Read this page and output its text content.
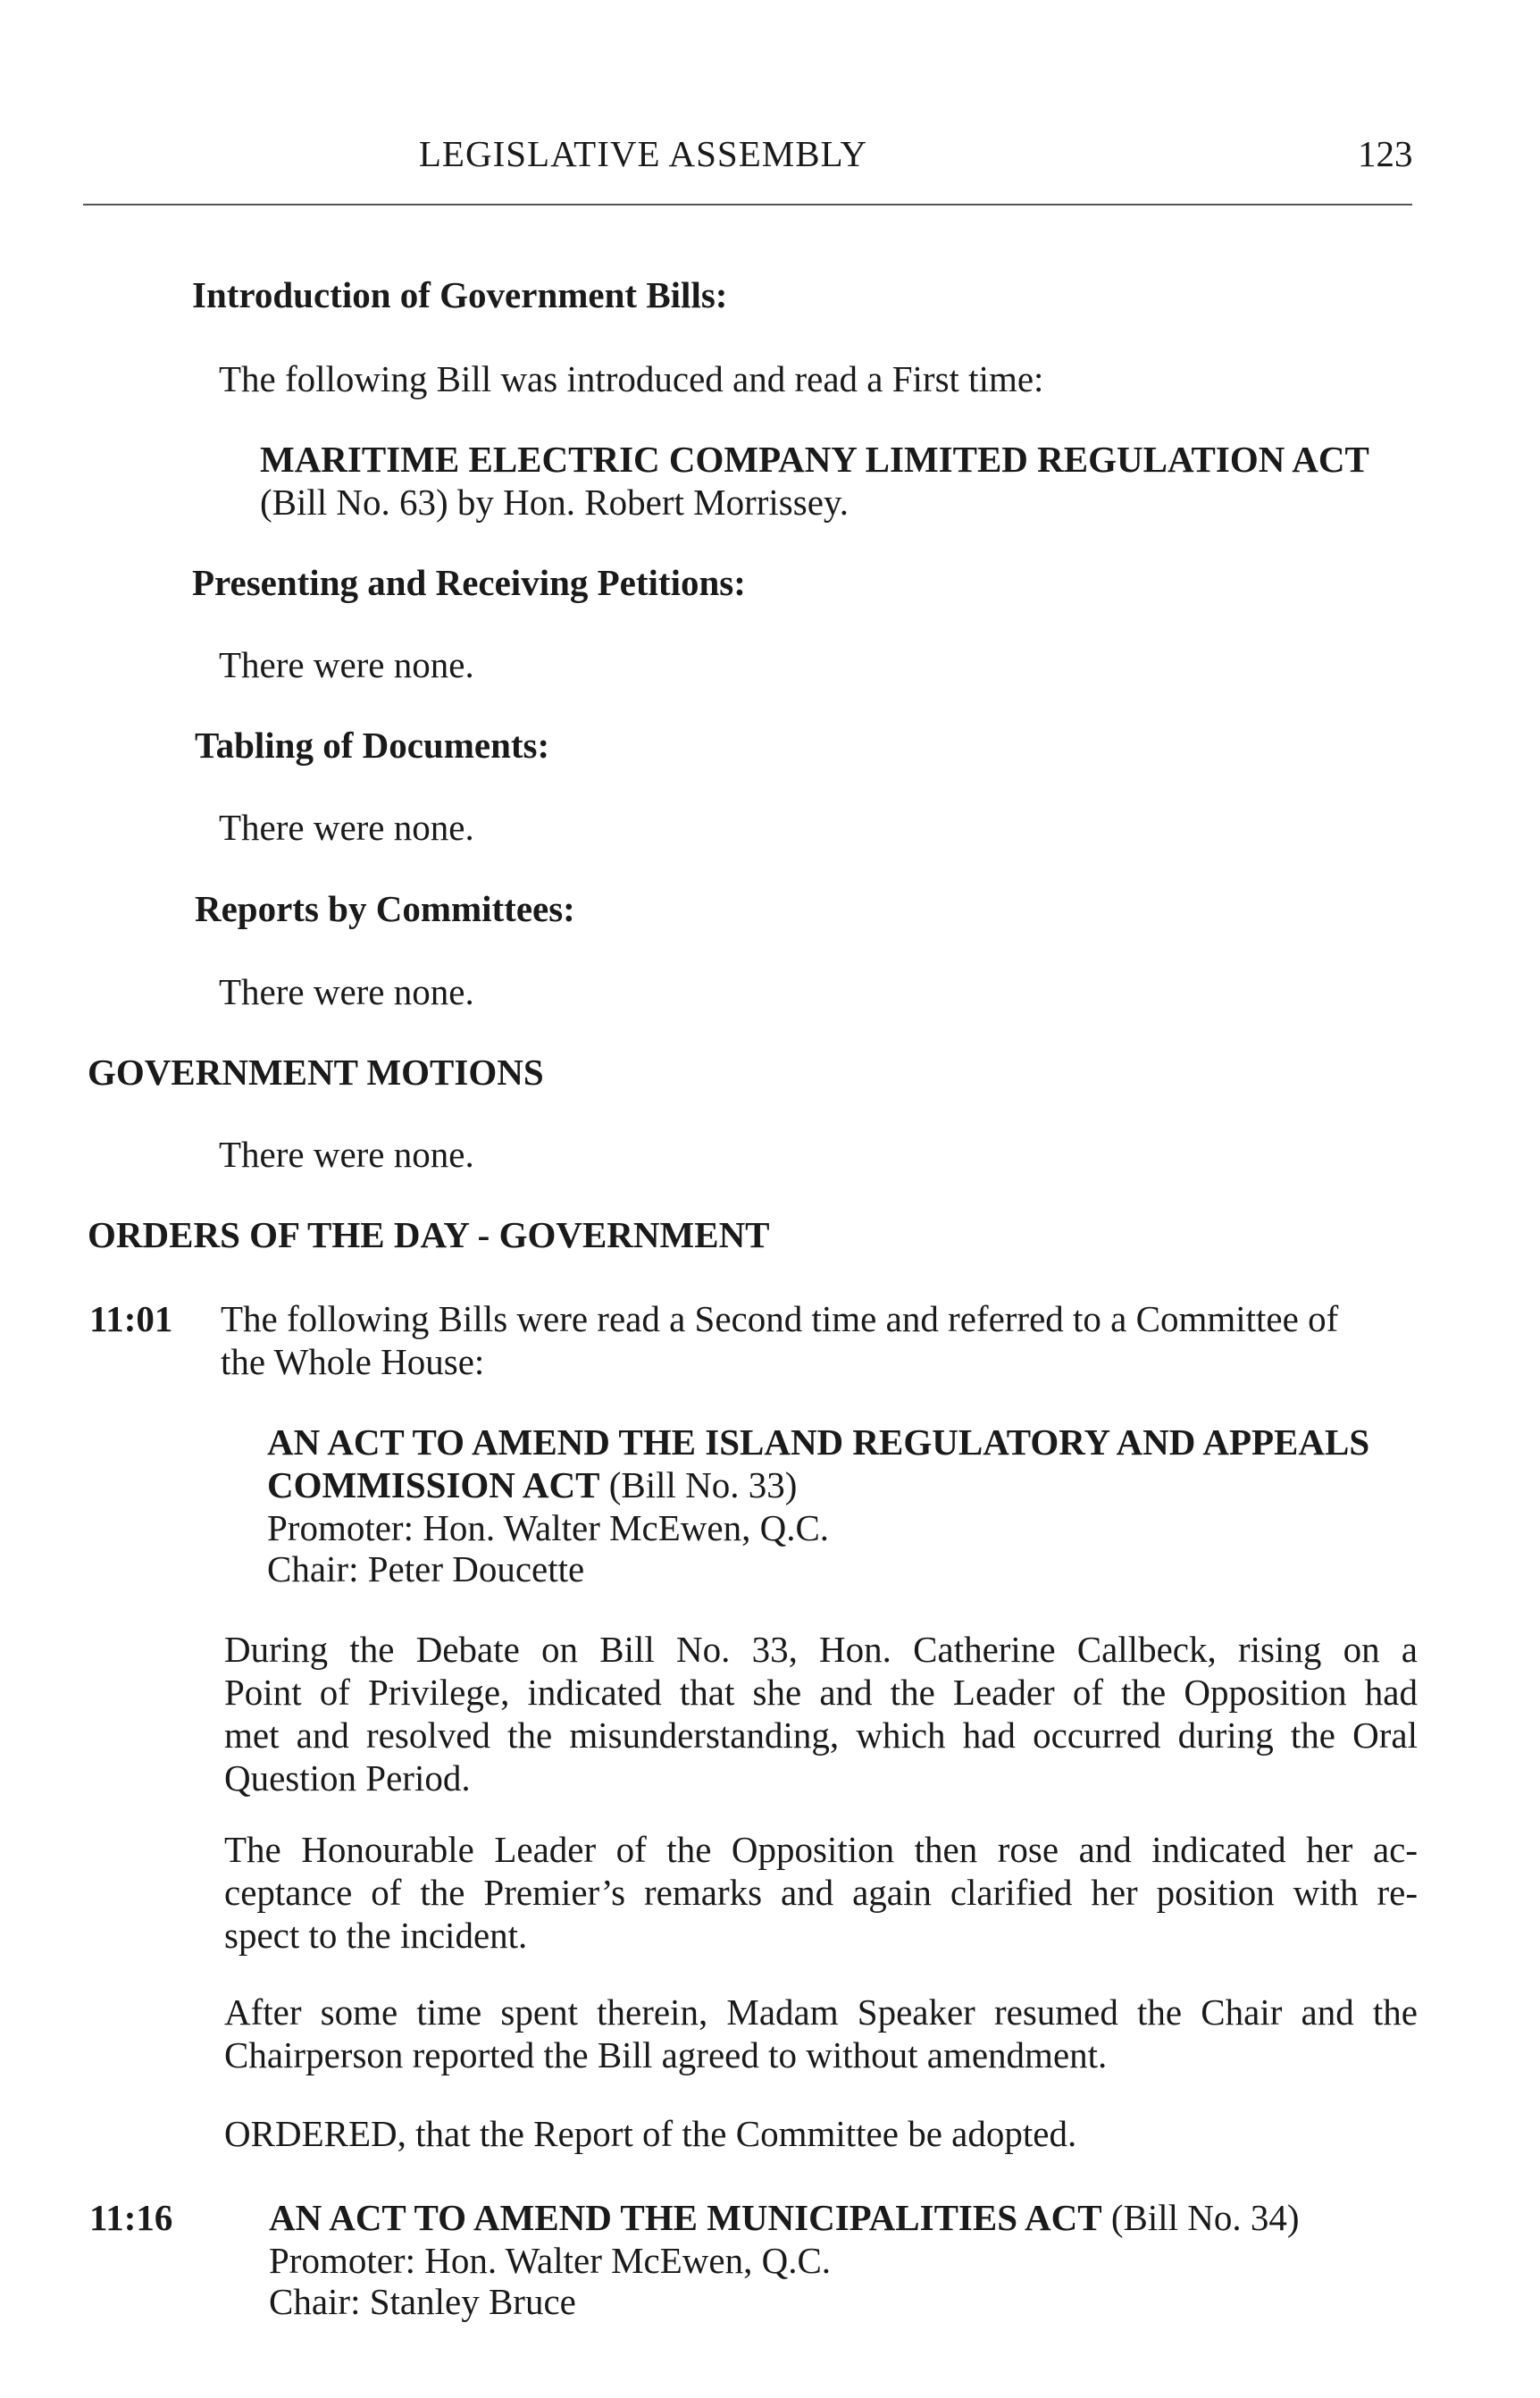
LEGISLATIVE ASSEMBLY	123
Introduction of Government Bills:
The following Bill was introduced and read a First time:
MARITIME ELECTRIC COMPANY LIMITED REGULATION ACT
(Bill No. 63) by Hon. Robert Morrissey.
Presenting and Receiving Petitions:
There were none.
Tabling of Documents:
There were none.
Reports by Committees:
There were none.
GOVERNMENT MOTIONS
There were none.
ORDERS OF THE DAY - GOVERNMENT
11:01 The following Bills were read a Second time and referred to a Committee of
the Whole House:
AN ACT TO AMEND THE ISLAND REGULATORY AND APPEALS
COMMISSION ACT (Bill No. 33)
Promoter: Hon. Walter McEwen, Q.C.
Chair: Peter Doucette
During the Debate on Bill No. 33, Hon. Catherine Callbeck, rising on a
Point of Privilege, indicated that she and the Leader of the Opposition had
met and resolved the misunderstanding, which had occurred during the Oral
Question Period.
The Honourable Leader of the Opposition then rose and indicated her ac-
ceptance of the Premier’s remarks and again clarified her position with re-
spect to the incident.
After some time spent therein, Madam Speaker resumed the Chair and the
Chairperson reported the Bill agreed to without amendment.
ORDERED, that the Report of the Committee be adopted.
11:16	AN ACT TO AMEND THE MUNICIPALITIES ACT (Bill No. 34)
Promoter: Hon. Walter McEwen, Q.C.
Chair: Stanley Bruce
